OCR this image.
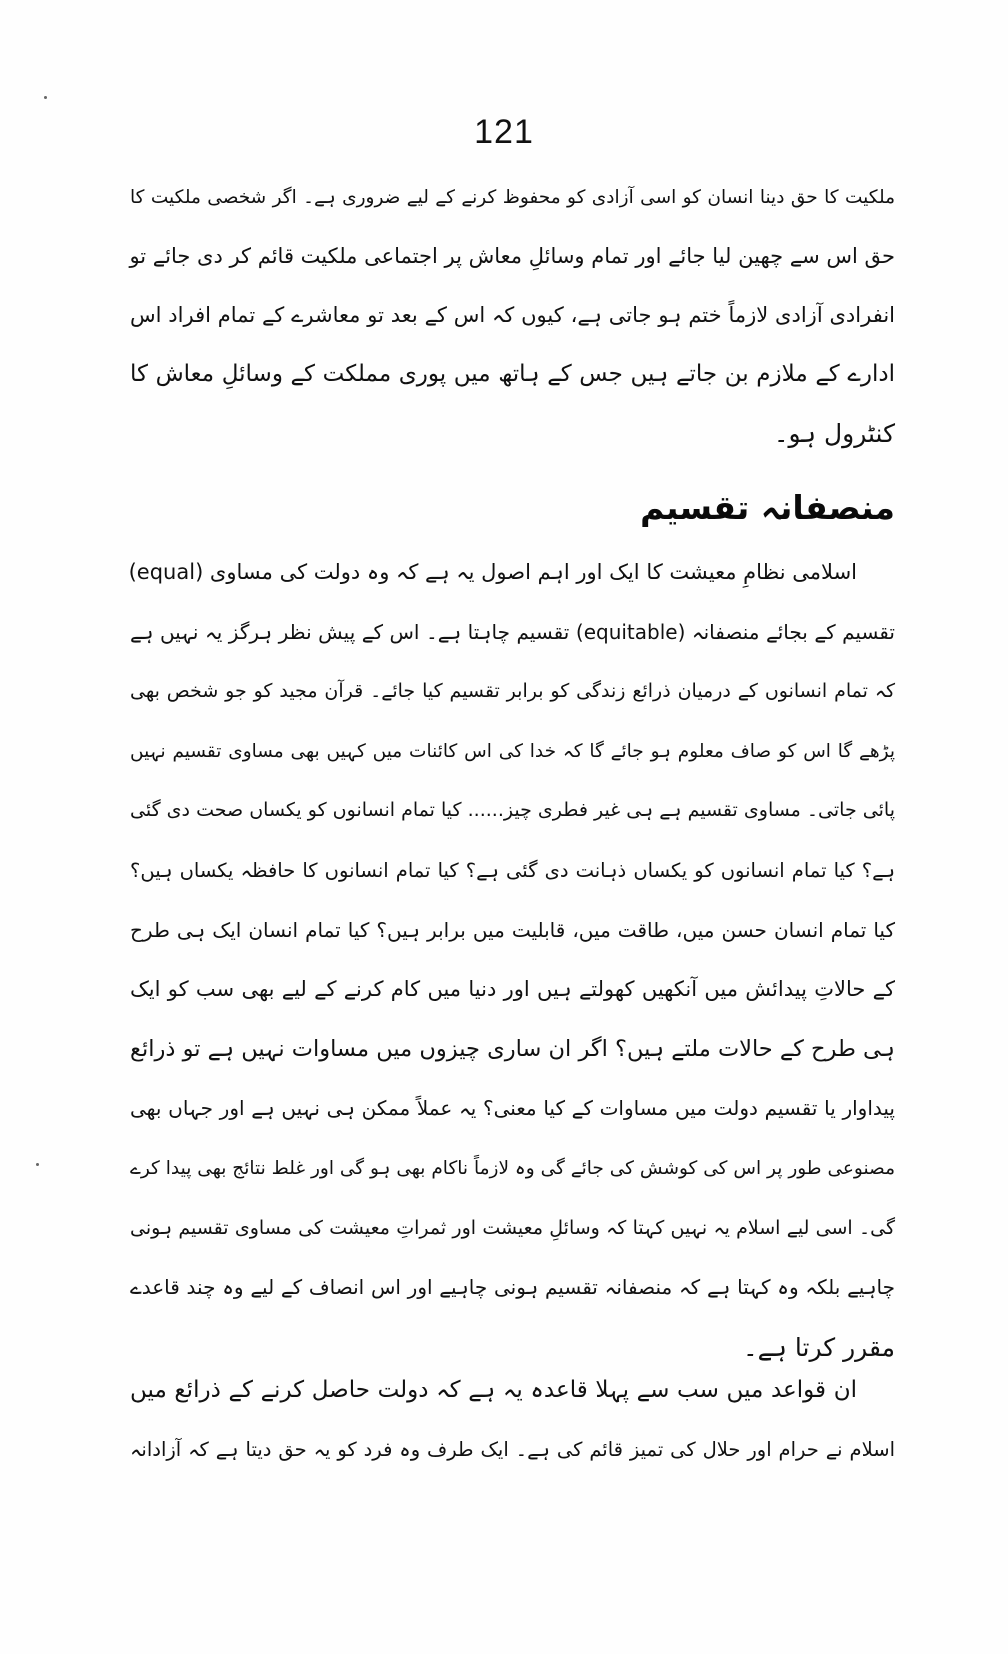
121
ملکیت کا حق دینا انسان کو اسی آزادی کو محفوظ کرنے کے لیے ضروری ہے۔ اگر شخصی ملکیت کا
حق اس سے چھین لیا جائے اور تمام وسائلِ معاش پر اجتماعی ملکیت قائم کر دی جائے تو
انفرادی آزادی لازماً ختم ہو جاتی ہے، کیوں کہ اس کے بعد تو معاشرے کے تمام افراد اس
ادارے کے ملازم بن جاتے ہیں جس کے ہاتھ میں پوری مملکت کے وسائلِ معاش کا
کنٹرول ہو۔
منصفانہ تقسیم
اسلامی نظامِ معیشت کا ایک اور اہم اصول یہ ہے کہ وہ دولت کی مساوی (equal)
تقسیم کے بجائے منصفانہ (equitable) تقسیم چاہتا ہے۔ اس کے پیش نظر ہرگز یہ نہیں ہے
کہ تمام انسانوں کے درمیان ذرائع زندگی کو برابر تقسیم کیا جائے۔ قرآن مجید کو جو شخص بھی
پڑھے گا اس کو صاف معلوم ہو جائے گا کہ خدا کی اس کائنات میں کہیں بھی مساوی تقسیم نہیں
پائی جاتی۔ مساوی تقسیم ہے ہی غیر فطری چیز...... کیا تمام انسانوں کو یکساں صحت دی گئی
ہے؟ کیا تمام انسانوں کو یکساں ذہانت دی گئی ہے؟ کیا تمام انسانوں کا حافظہ یکساں ہیں؟
کیا تمام انسان حسن میں، طاقت میں، قابلیت میں برابر ہیں؟ کیا تمام انسان ایک ہی طرح
کے حالاتِ پیدائش میں آنکھیں کھولتے ہیں اور دنیا میں کام کرنے کے لیے بھی سب کو ایک
ہی طرح کے حالات ملتے ہیں؟ اگر ان ساری چیزوں میں مساوات نہیں ہے تو ذرائع
پیداوار یا تقسیم دولت میں مساوات کے کیا معنی؟ یہ عملاً ممکن ہی نہیں ہے اور جہاں بھی
مصنوعی طور پر اس کی کوشش کی جائے گی وہ لازماً ناکام بھی ہو گی اور غلط نتائج بھی پیدا کرے
گی۔ اسی لیے اسلام یہ نہیں کہتا کہ وسائلِ معیشت اور ثمراتِ معیشت کی مساوی تقسیم ہونی
چاہیے بلکہ وہ کہتا ہے کہ منصفانہ تقسیم ہونی چاہیے اور اس انصاف کے لیے وہ چند قاعدے
مقرر کرتا ہے۔
ان قواعد میں سب سے پہلا قاعدہ یہ ہے کہ دولت حاصل کرنے کے ذرائع میں
اسلام نے حرام اور حلال کی تمیز قائم کی ہے۔ ایک طرف وہ فرد کو یہ حق دیتا ہے کہ آزادانہ
